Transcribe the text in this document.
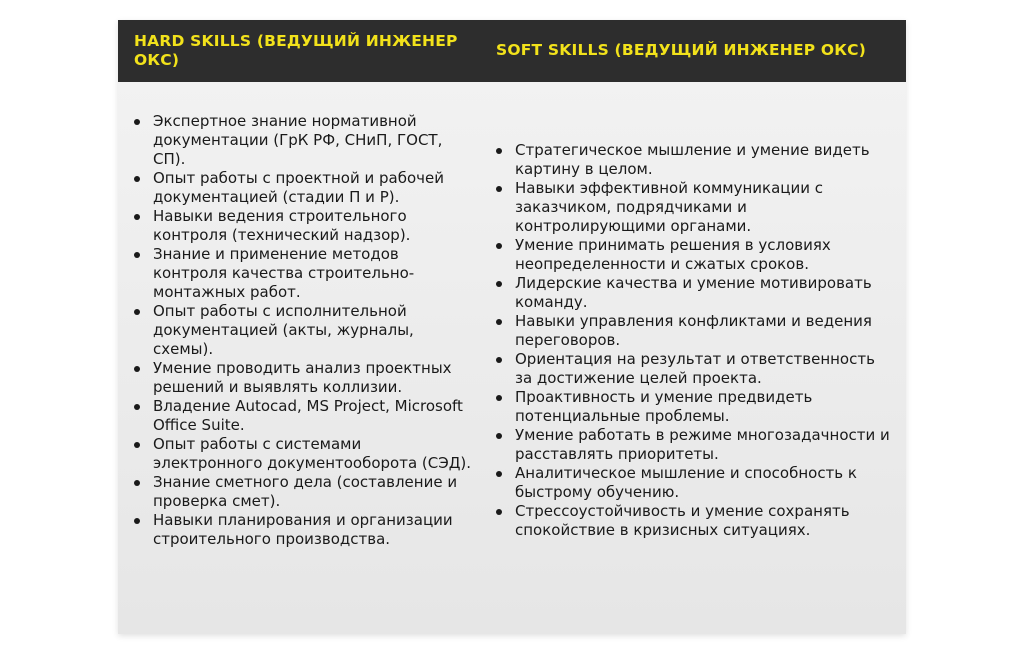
HARD SKILLS (ВЕДУЩИЙ ИНЖЕНЕР ОКС)
SOFT SKILLS (ВЕДУЩИЙ ИНЖЕНЕР ОКС)
Экспертное знание нормативной документации (ГрК РФ, СНиП, ГОСТ, СП).
Опыт работы с проектной и рабочей документацией (стадии П и Р).
Навыки ведения строительного контроля (технический надзор).
Знание и применение методов контроля качества строительно-монтажных работ.
Опыт работы с исполнительной документацией (акты, журналы, схемы).
Умение проводить анализ проектных решений и выявлять коллизии.
Владение Autocad, MS Project, Microsoft Office Suite.
Опыт работы с системами электронного документооборота (СЭД).
Знание сметного дела (составление и проверка смет).
Навыки планирования и организации строительного производства.
Стратегическое мышление и умение видеть картину в целом.
Навыки эффективной коммуникации с заказчиком, подрядчиками и контролирующими органами.
Умение принимать решения в условиях неопределенности и сжатых сроков.
Лидерские качества и умение мотивировать команду.
Навыки управления конфликтами и ведения переговоров.
Ориентация на результат и ответственность за достижение целей проекта.
Проактивность и умение предвидеть потенциальные проблемы.
Умение работать в режиме многозадачности и расставлять приоритеты.
Аналитическое мышление и способность к быстрому обучению.
Стрессоустойчивость и умение сохранять спокойствие в кризисных ситуациях.
